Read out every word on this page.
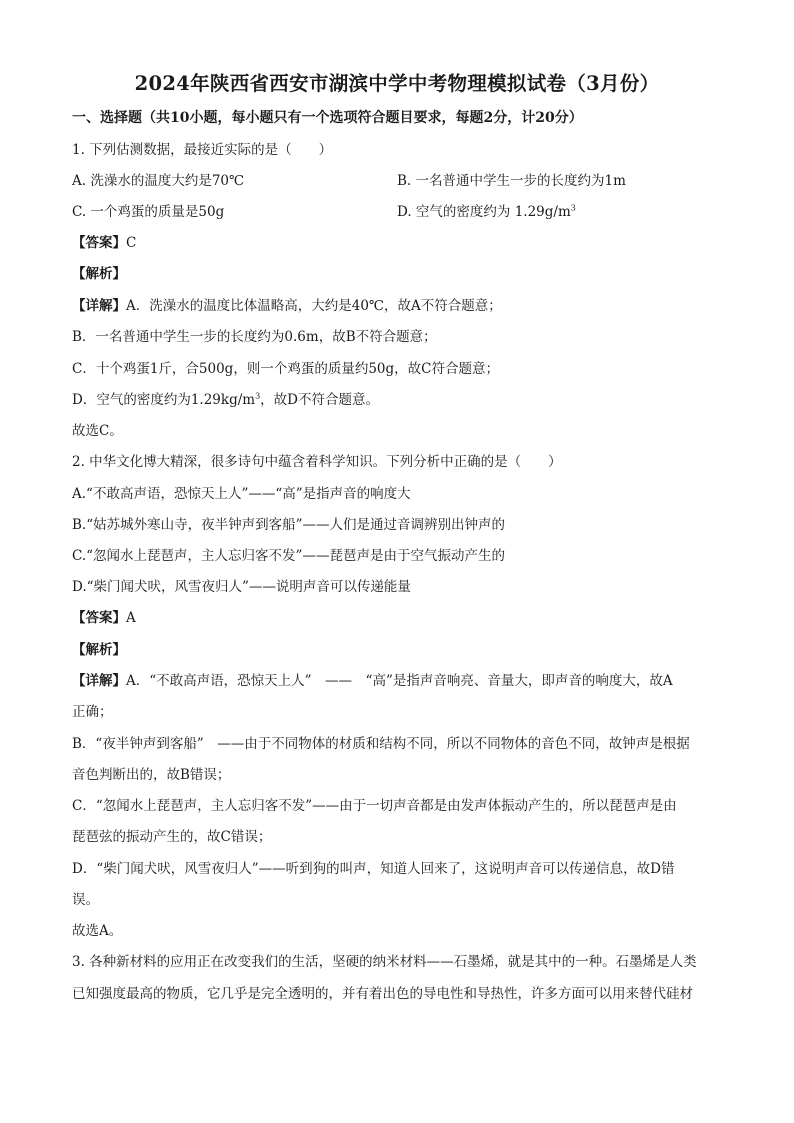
2024年陕西省西安市湖滨中学中考物理模拟试卷（3月份）
一、选择题（共10小题，每小题只有一个选项符合题目要求，每题2分，计20分）
1. 下列估测数据，最接近实际的是（　　）
A. 洗澡水的温度大约是70℃	B. 一名普通中学生一步的长度约为1m
C. 一个鸡蛋的质量是50g	D. 空气的密度约为 $1.29g/m^3$
【答案】C
【解析】
【详解】A．洗澡水的温度比体温略高，大约是40℃，故A不符合题意；
B．一名普通中学生一步的长度约为0.6m，故B不符合题意；
C．十个鸡蛋1斤，合500g，则一个鸡蛋的质量约50g，故C符合题意；
D．空气的密度约为$1.29kg/m^3$，故D不符合题意。
故选C。
2. 中华文化博大精深，很多诗句中蕴含着科学知识。下列分析中正确的是（　　）
A.“不敢高声语，恐惊天上人”——“高”是指声音的响度大
B.“姑苏城外寒山寺，夜半钟声到客船”——人们是通过音调辨别出钟声的
C.“忽闻水上琵琶声，主人忘归客不发”——琵琶声是由于空气振动产生的
D.“柴门闻犬吠，风雪夜归人”——说明声音可以传递能量
【答案】A
【解析】
【详解】A．“不敢高声语，恐惊天上人”　——　“高”是指声音响亮、音量大，即声音的响度大，故A
正确；
B．“夜半钟声到客船”　——由于不同物体的材质和结构不同，所以不同物体的音色不同，故钟声是根据
音色判断出的，故B错误；
C．“忽闻水上琵琶声，主人忘归客不发”——由于一切声音都是由发声体振动产生的，所以琵琶声是由
琵琶弦的振动产生的，故C错误；
D．“柴门闻犬吠，风雪夜归人”——听到狗的叫声，知道人回来了，这说明声音可以传递信息，故D错
误。
故选A。
3. 各种新材料的应用正在改变我们的生活，坚硬的纳米材料——石墨烯，就是其中的一种。石墨烯是人类
已知强度最高的物质，它几乎是完全透明的，并有着出色的导电性和导热性，许多方面可以用来替代硅材
